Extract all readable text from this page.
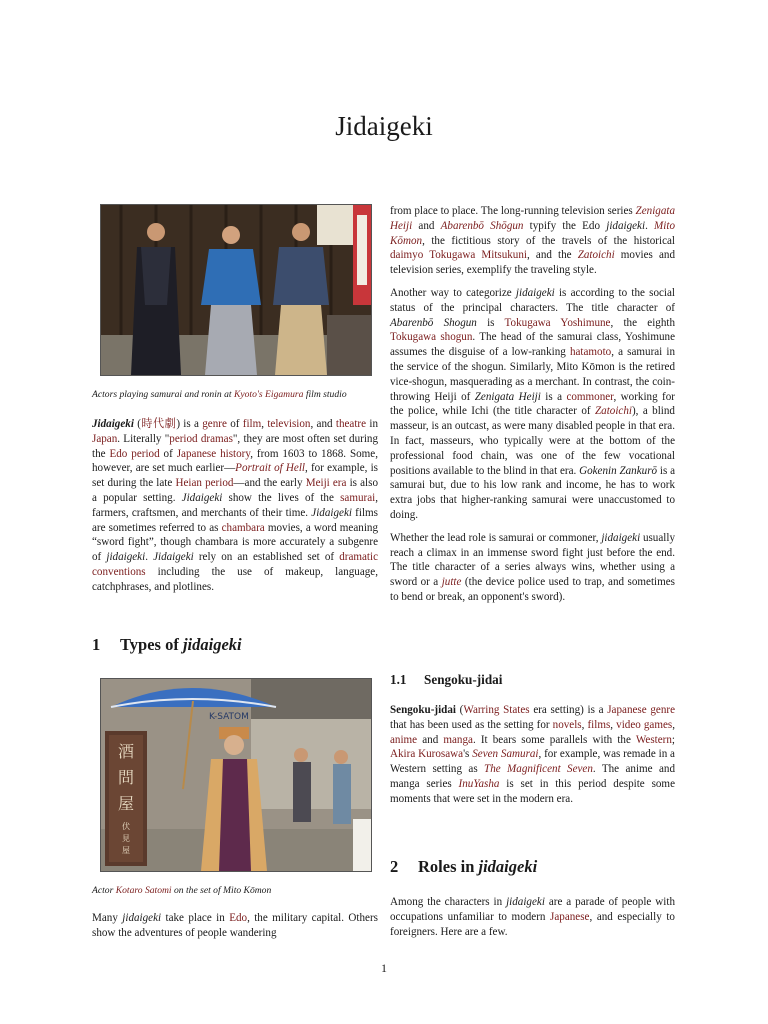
Jidaigeki
Actors playing samurai and ronin at Kyoto's Eigamura film studio

Jidaigeki (時代劇) is a genre of film, television, and theatre in Japan. Literally "period dramas", they are most often set during the Edo period of Japanese history, from 1603 to 1868. Some, however, are set much earlier—Portrait of Hell, for example, is set during the late Heian period—and the early Meiji era is also a popular setting. Jidaigeki show the lives of the samurai, farmers, craftsmen, and merchants of their time. Jidaigeki films are sometimes referred to as chambara movies, a word meaning “sword fight”, though chambara is more accurately a subgenre of jidaigeki. Jidaigeki rely on an established set of dramatic conventions including the use of makeup, language, catchphrases, and plotlines.

1 Types of jidaigeki
K-SATOM
酒
問
屋
伏
見
屋
Actor Kotaro Satomi on the set of Mito Kōmon

Many jidaigeki take place in Edo, the military capital. Others show the adventures of people wandering

from place to place. The long-running television series Zenigata Heiji and Abarenbō Shōgun typify the Edo jidaigeki. Mito Kōmon, the fictitious story of the travels of the historical daimyo Tokugawa Mitsukuni, and the Zatoichi movies and television series, exemplify the traveling style.

Another way to categorize jidaigeki is according to the social status of the principal characters. The title character of Abarenbō Shogun is Tokugawa Yoshimune, the eighth Tokugawa shogun. The head of the samurai class, Yoshimune assumes the disguise of a low-ranking hatamoto, a samurai in the service of the shogun. Similarly, Mito Kōmon is the retired vice-shogun, masquerading as a merchant. In contrast, the coin-throwing Heiji of Zenigata Heiji is a commoner, working for the police, while Ichi (the title character of Zatoichi), a blind masseur, is an outcast, as were many disabled people in that era. In fact, masseurs, who typically were at the bottom of the professional food chain, was one of the few vocational positions available to the blind in that era. Gokenin Zankurō is a samurai but, due to his low rank and income, he has to work extra jobs that higher-ranking samurai were unaccustomed to doing.

Whether the lead role is samurai or commoner, jidaigeki usually reach a climax in an immense sword fight just before the end. The title character of a series always wins, whether using a sword or a jutte (the device police used to trap, and sometimes to bend or break, an opponent's sword).

1.1 Sengoku-jidai

Sengoku-jidai (Warring States era setting) is a Japanese genre that has been used as the setting for novels, films, video games, anime and manga. It bears some parallels with the Western; Akira Kurosawa's Seven Samurai, for example, was remade in a Western setting as The Magnificent Seven. The anime and manga series InuYasha is set in this period despite some moments that were set in the modern era.

2 Roles in jidaigeki

Among the characters in jidaigeki are a parade of people with occupations unfamiliar to modern Japanese, and especially to foreigners. Here are a few.

1
